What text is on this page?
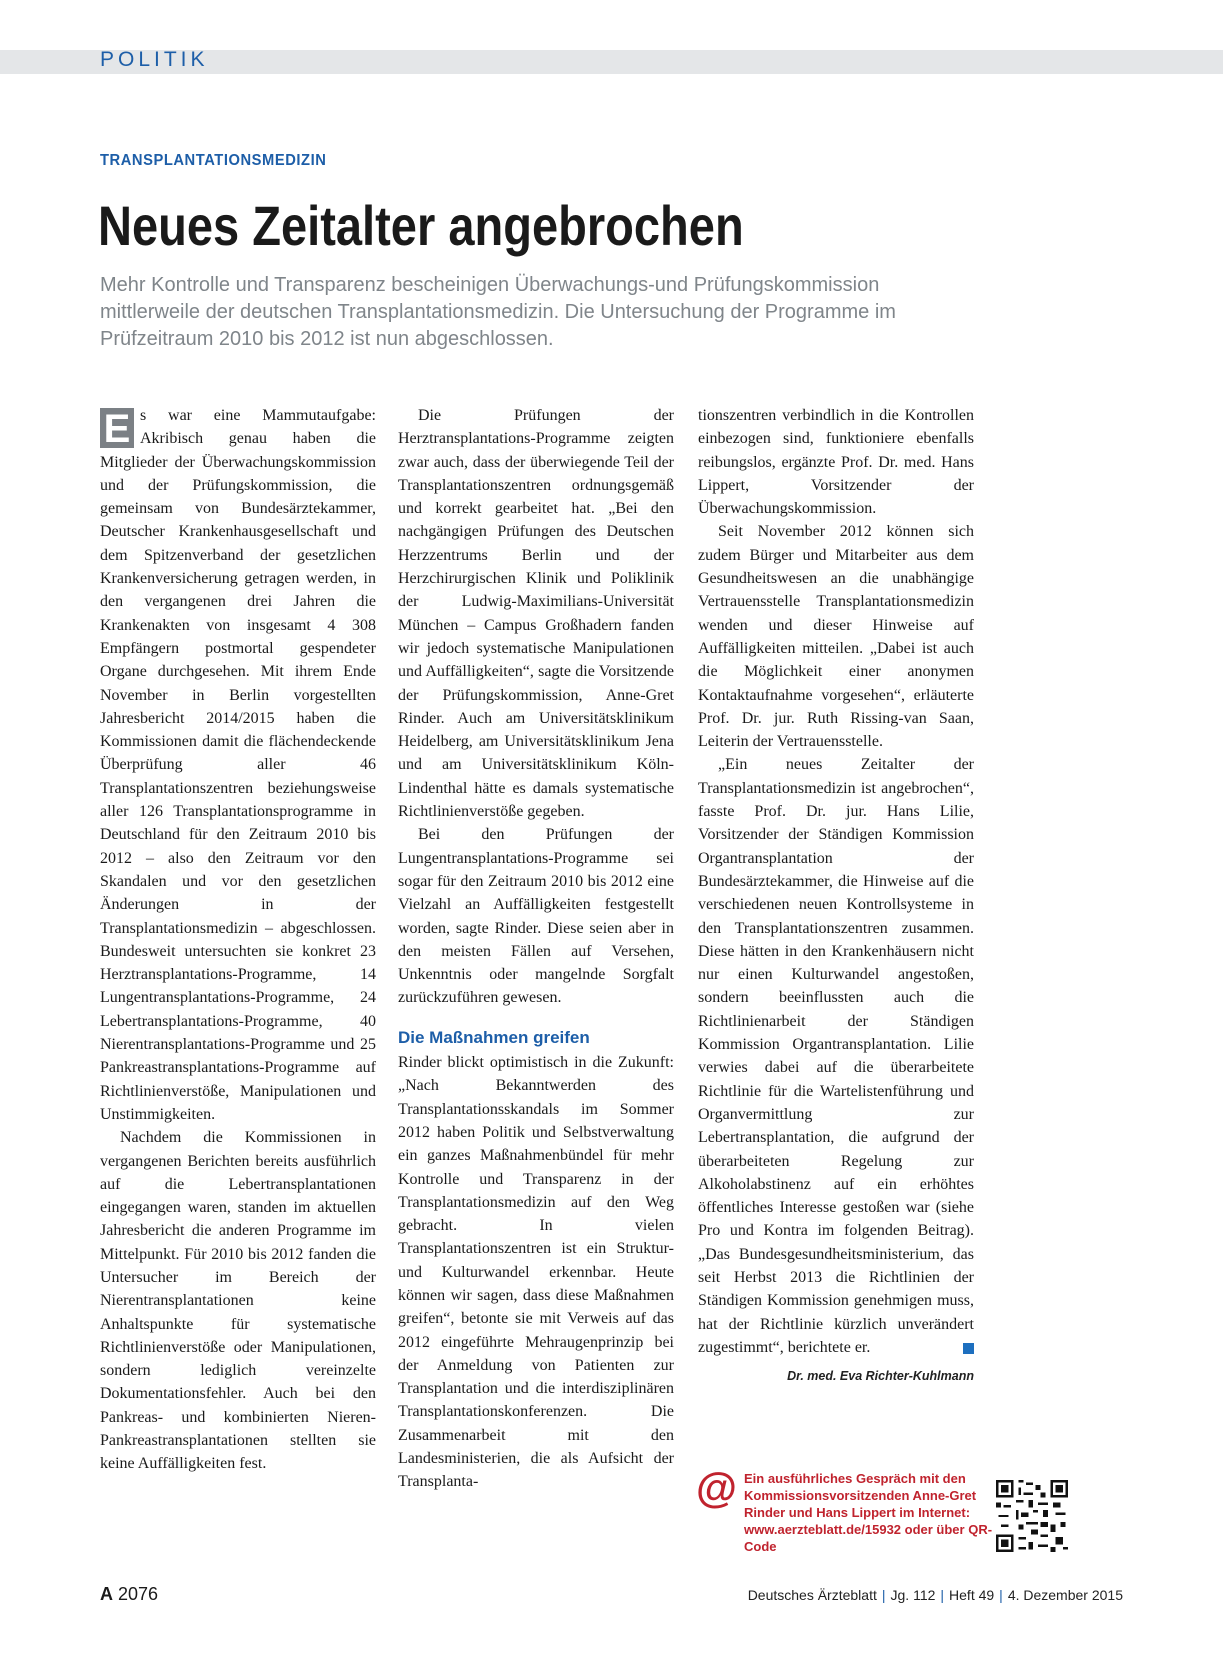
POLITIK
TRANSPLANTATIONSMEDIZIN
Neues Zeitalter angebrochen

Mehr Kontrolle und Transparenz bescheinigen Überwachungs-und Prüfungskommission mittlerweile der deutschen Transplantationsmedizin. Die Untersuchung der Programme im Prüfzeitraum 2010 bis 2012 ist nun abgeschlossen.

E s war eine Mammutaufgabe: Akribisch genau haben die Mitglieder der Überwachungskommission und der Prüfungskommission, die gemeinsam von Bundesärztekammer, Deutscher Krankenhausgesellschaft und dem Spitzenverband der gesetzlichen Krankenversicherung getragen werden, in den vergangenen drei Jahren die Krankenakten von insgesamt 4 308 Empfängern postmortal gespendeter Organe durchgesehen. Mit ihrem Ende November in Berlin vorgestellten Jahresbericht 2014/2015 haben die Kommissionen damit die flächendeckende Überprüfung aller 46 Transplantationszentren beziehungsweise aller 126 Transplantationsprogramme in Deutschland für den Zeitraum 2010 bis 2012 – also den Zeitraum vor den Skandalen und vor den gesetzlichen Änderungen in der Transplantationsmedizin – abgeschlossen. Bundesweit untersuchten sie konkret 23 Herztransplantations-Programme, 14 Lungentransplantations-Programme, 24 Lebertransplantations-Programme, 40 Nierentransplantations-Programme und 25 Pankreastransplantations-Programme auf Richtlinienverstöße, Manipulationen und Unstimmigkeiten.

Nachdem die Kommissionen in vergangenen Berichten bereits ausführlich auf die Lebertransplantationen eingegangen waren, standen im aktuellen Jahresbericht die anderen Programme im Mittelpunkt. Für 2010 bis 2012 fanden die Untersucher im Bereich der Nierentransplantationen keine Anhaltspunkte für systematische Richtlinienverstöße oder Manipulationen, sondern lediglich vereinzelte Dokumentationsfehler. Auch bei den Pankreas- und kombinierten Nieren-Pankreastransplantationen stellten sie keine Auffälligkeiten fest.

Die Prüfungen der Herztransplantations-Programme zeigten zwar auch, dass der überwiegende Teil der Transplantationszentren ordnungsgemäß und korrekt gearbeitet hat. „Bei den nachgängigen Prüfungen des Deutschen Herzzentrums Berlin und der Herzchirurgischen Klinik und Poliklinik der Ludwig-Maximilians-Universität München – Campus Großhadern fanden wir jedoch systematische Manipulationen und Auffälligkeiten“, sagte die Vorsitzende der Prüfungskommission, Anne-Gret Rinder. Auch am Universitätsklinikum Heidelberg, am Universitätsklinikum Jena und am Universitätsklinikum Köln-Lindenthal hätte es damals systematische Richtlinienverstöße gegeben.

Bei den Prüfungen der Lungentransplantations-Programme sei sogar für den Zeitraum 2010 bis 2012 eine Vielzahl an Auffälligkeiten festgestellt worden, sagte Rinder. Diese seien aber in den meisten Fällen auf Versehen, Unkenntnis oder mangelnde Sorgfalt zurückzuführen gewesen.

Die Maßnahmen greifen

Rinder blickt optimistisch in die Zukunft: „Nach Bekanntwerden des Transplantationsskandals im Sommer 2012 haben Politik und Selbstverwaltung ein ganzes Maßnahmenbündel für mehr Kontrolle und Transparenz in der Transplantationsmedizin auf den Weg gebracht. In vielen Transplantationszentren ist ein Struktur- und Kulturwandel erkennbar. Heute können wir sagen, dass diese Maßnahmen greifen“, betonte sie mit Verweis auf das 2012 eingeführte Mehraugenprinzip bei der Anmeldung von Patienten zur Transplantation und die interdisziplinären Transplantationskonferenzen. Die Zusammenarbeit mit den Landesministerien, die als Aufsicht der Transplanta-

tionszentren verbindlich in die Kontrollen einbezogen sind, funktioniere ebenfalls reibungslos, ergänzte Prof. Dr. med. Hans Lippert, Vorsitzender der Überwachungskommission.

Seit November 2012 können sich zudem Bürger und Mitarbeiter aus dem Gesundheitswesen an die unabhängige Vertrauensstelle Transplantationsmedizin wenden und dieser Hinweise auf Auffälligkeiten mitteilen. „Dabei ist auch die Möglichkeit einer anonymen Kontaktaufnahme vorgesehen“, erläuterte Prof. Dr. jur. Ruth Rissing-van Saan, Leiterin der Vertrauensstelle.

„Ein neues Zeitalter der Transplantationsmedizin ist angebrochen“, fasste Prof. Dr. jur. Hans Lilie, Vorsitzender der Ständigen Kommission Organtransplantation der Bundesärztekammer, die Hinweise auf die verschiedenen neuen Kontrollsysteme in den Transplantationszentren zusammen. Diese hätten in den Krankenhäusern nicht nur einen Kulturwandel angestoßen, sondern beeinflussten auch die Richtlinienarbeit der Ständigen Kommission Organtransplantation. Lilie verwies dabei auf die überarbeitete Richtlinie für die Wartelistenführung und Organvermittlung zur Lebertransplantation, die aufgrund der überarbeiteten Regelung zur Alkoholabstinenz auf ein erhöhtes öffentliches Interesse gestoßen war (siehe Pro und Kontra im folgenden Beitrag). „Das Bundesgesundheitsministerium, das seit Herbst 2013 die Richtlinien der Ständigen Kommission genehmigen muss, hat der Richtlinie kürzlich unverändert zugestimmt“, berichtete er.

Dr. med. Eva Richter-Kuhlmann
@ Ein ausführliches Gespräch mit den Kommissionsvorsitzenden Anne-Gret Rinder und Hans Lippert im Internet: www.aerzteblatt.de/15932 oder über QR-Code
A 2076	Deutsches Ärzteblatt | Jg. 112 | Heft 49 | 4. Dezember 2015
